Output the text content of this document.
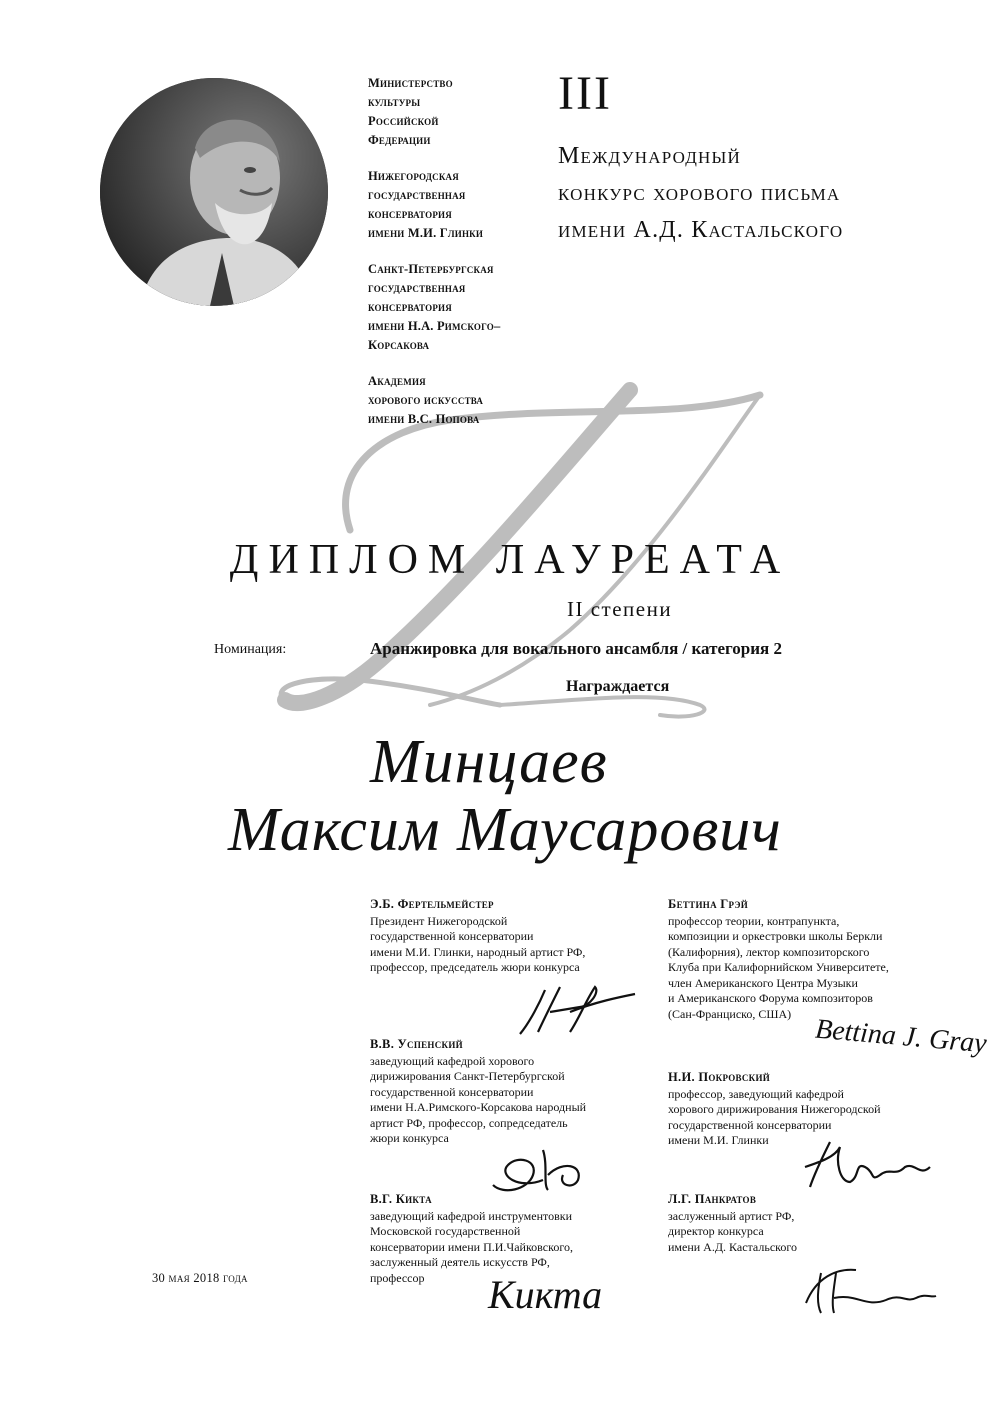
Министерство
культуры
Российской
Федерации
Нижегородская
государственная
консерватория
имени М.И. Глинки
Санкт-Петербургская
государственная
консерватория
имени Н.А. Римского–
Корсакова
Академия
хорового искусства
имени В.С. Попова
III
Международный
конкурс хорового письма
имени А.Д. Кастальского
ДИПЛОМ ЛАУРЕАТА
II степени
Номинация:	Аранжировка для вокального ансамбля / категория 2
Награждается
Минцаев
Максим Маусарович
Э.Б. Фертельмейстер
Президент Нижегородской
государственной консерватории
имени М.И. Глинки, народный артист РФ,
профессор, председатель жюри конкурса
В.В. Успенский
заведующий кафедрой хорового
дирижирования Санкт-Петербургской
государственной консерватории
имени Н.А.Римского-Корсакова народный
артист РФ, профессор, сопредседатель
жюри конкурса
В.Г. Кикта
заведующий кафедрой инструментовки
Московской государственной
консерватории имени П.И.Чайковского,
заслуженный деятель искусств РФ,
профессор	Кикта
Беттина Грэй
профессор теории, контрапункта,
композиции и оркестровки школы Беркли
(Калифорния), лектор композиторского
Клуба при Калифорнийском Университете,
член Американского Центра Музыки
и Американского Форума композиторов
(Сан-Франциско, США)
Bettina J. Gray
Н.И. Покровский
профессор, заведующий кафедрой
хорового дирижирования Нижегородской
государственной консерватории
имени М.И. Глинки
Л.Г. Панкратов
заслуженный артист РФ,
директор конкурса
имени А.Д. Кастальского
30 мая 2018 года
